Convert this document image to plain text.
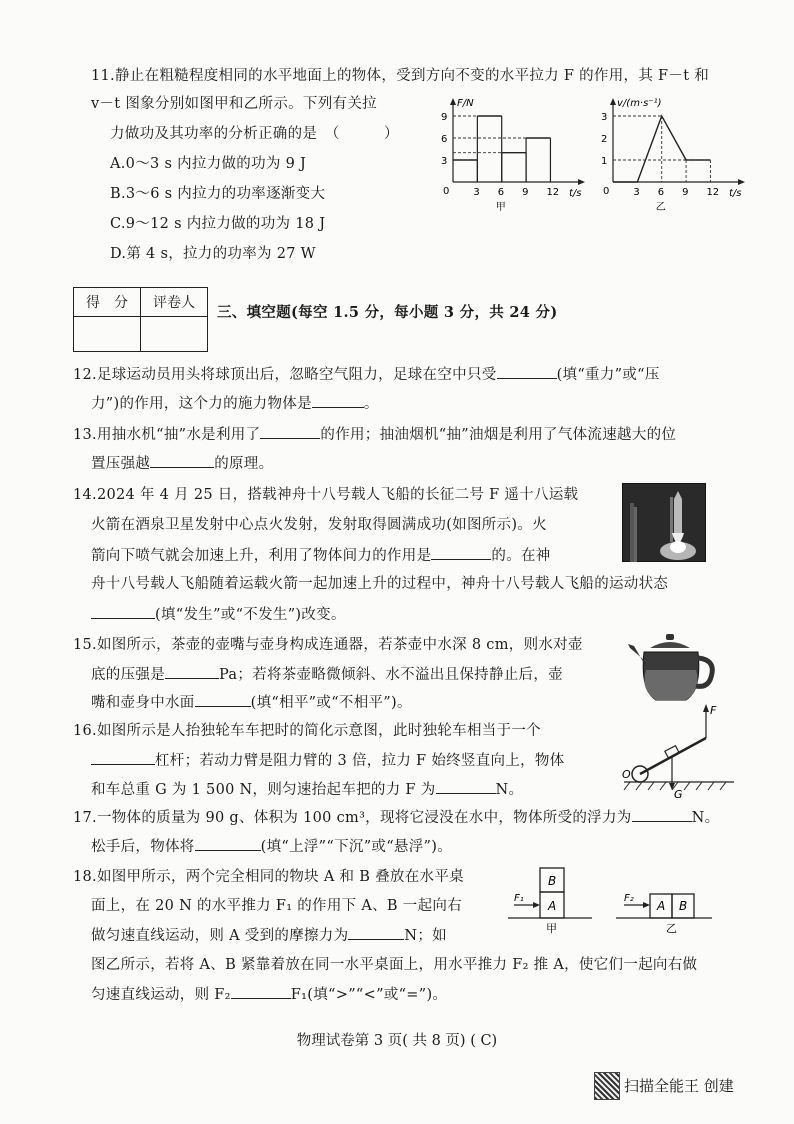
11.静止在粗糙程度相同的水平地面上的物体，受到方向不变的水平拉力 F 的作用，其 F－t 和
v－t 图象分别如图甲和乙所示。下列有关拉
力做功及其功率的分析正确的是　（　　　）
A.0～3 s 内拉力做的功为 9 J
B.3～6 s 内拉力的功率逐渐变大
C.9～12 s 内拉力做的功为 18 J
D.第 4 s，拉力的功率为 27 W
F/N
t/s
0 3 6 9 12
3
6
9
甲
v/(m·s⁻¹)
t/s
0 3 6 9 12
1
2
3
乙
得　分	评卷人

三、填空题(每空 1.5 分，每小题 3 分，共 24 分)
12.足球运动员用头将球顶出后，忽略空气阻力，足球在空中只受	(填“重力”或“压
力”)的作用，这个力的施力物体是	。
13.用抽水机“抽”水是利用了	的作用；抽油烟机“抽”油烟是利用了气体流速越大的位
置压强越	的原理。
14.2024 年 4 月 25 日，搭载神舟十八号载人飞船的长征二号 F 遥十八运载
火箭在酒泉卫星发射中心点火发射，发射取得圆满成功(如图所示)。火
箭向下喷气就会加速上升，利用了物体间力的作用是	的。在神
舟十八号载人飞船随着运载火箭一起加速上升的过程中，神舟十八号载人飞船的运动状态
(填“发生”或“不发生”)改变。
15.如图所示，茶壶的壶嘴与壶身构成连通器，若茶壶中水深 8 cm，则水对壶
底的压强是	Pa；若将茶壶略微倾斜、水不溢出且保持静止后，壶
嘴和壶身中水面	(填“相平”或“不相平”)。
16.如图所示是人抬独轮车车把时的简化示意图，此时独轮车相当于一个
杠杆；若动力臂是阻力臂的 3 倍，拉力 F 始终竖直向上，物体
和车总重 G 为 1 500 N，则匀速抬起车把的力 F 为	N。
F
O
G
17.一物体的质量为 90 g、体积为 100 cm³，现将它浸没在水中，物体所受的浮力为	N。
松手后，物体将	(填“上浮”“下沉”或“悬浮”)。
18.如图甲所示，两个完全相同的物块 A 和 B 叠放在水平桌
面上，在 20 N 的水平推力 F₁ 的作用下 A、B 一起向右
做匀速直线运动，则 A 受到的摩擦力为	N；如
图乙所示，若将 A、B 紧靠着放在同一水平桌面上，用水平推力 F₂ 推 A，使它们一起向右做
匀速直线运动，则 F₂	F₁(填“>”“<”或“=”)。
B
A
F₁
甲
A B
F₂
乙
物理试卷第 3 页( 共 8 页) ( C)
扫描全能王 创建
